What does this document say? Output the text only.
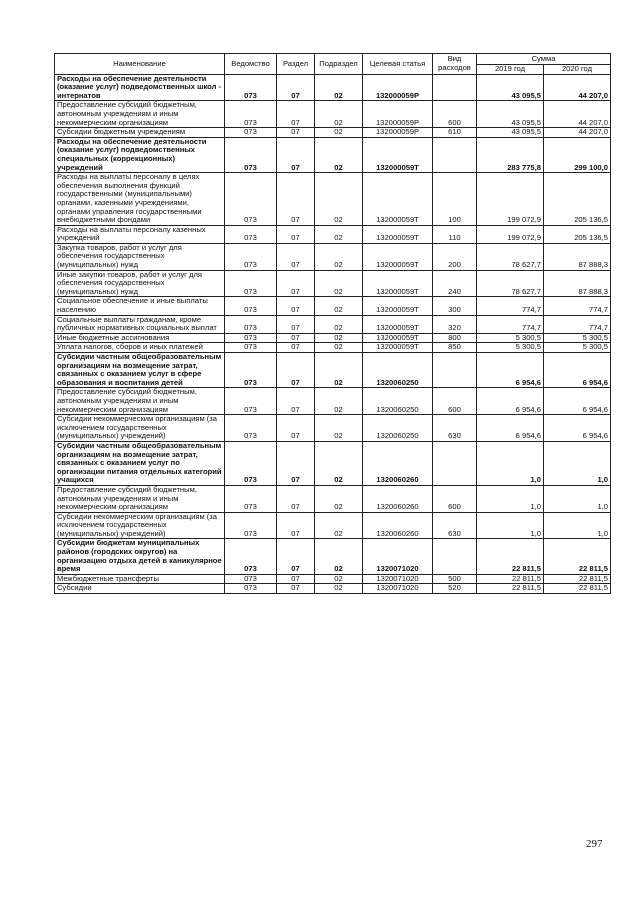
Наименование	Ведомство	Раздел	Подраздел	Целевая статья	Вид расходов	Сумма	
						2019 год	2020 год
Расходы на обеспечение деятельности (оказание услуг) подведомственных школ - интернатов	073	07	02	132000059Р		43 095,5	44 207,0
Предоставление субсидий бюджетным, автономным учреждениям и иным некоммерческим организациям	073	07	02	132000059Р	600	43 095,5	44 207,0
Субсидии бюджетным учреждениям	073	07	02	132000059Р	610	43 095,5	44 207,0
Расходы на обеспечение деятельности (оказание услуг) подведомственных специальных (коррекционных) учреждений	073	07	02	132000059Т		283 775,8	299 100,0
Расходы на выплаты персоналу в целях обеспечения выполнения функций государственными (муниципальными) органами, казенными учреждениями, органами управления государственными внебюджетными фондами	073	07	02	132000059Т	100	199 072,9	205 136,5
Расходы на выплаты персоналу казенных учреждений	073	07	02	132000059Т	110	199 072,9	205 136,5
Закупка товаров, работ и услуг для обеспечения государственных (муниципальных) нужд	073	07	02	132000059Т	200	78 627,7	87 888,3
Иные закупки товаров, работ и услуг для обеспечения государственных (муниципальных) нужд	073	07	02	132000059Т	240	78 627,7	87 888,3
Социальное обеспечение и иные выплаты населению	073	07	02	132000059Т	300	774,7	774,7
Социальные выплаты гражданам, кроме публичных нормативных социальных выплат	073	07	02	132000059Т	320	774,7	774,7
Иные бюджетные ассигнования	073	07	02	132000059Т	800	5 300,5	5 300,5
Уплата налогов, сборов и иных платежей	073	07	02	132000059Т	850	5 300,5	5 300,5
Субсидии частным общеобразовательным организациям на возмещение затрат, связанных с оказанием услуг в сфере образования и воспитания детей	073	07	02	1320060250		6 954,6	6 954,6
Предоставление субсидий бюджетным, автономным учреждениям и иным некоммерческим организациям	073	07	02	1320060250	600	6 954,6	6 954,6
Субсидии некоммерческим организациям (за исключением государственных (муниципальных) учреждений)	073	07	02	1320060250	630	6 954,6	6 954,6
Субсидии частным общеобразовательным организациям на возмещение затрат, связанных с оказанием услуг по организации питания отдельных категорий учащихся	073	07	02	1320060260		1,0	1,0
Предоставление субсидий бюджетным, автономным учреждениям и иным некоммерческим организациям	073	07	02	1320060260	600	1,0	1,0
Субсидии некоммерческим организациям (за исключением государственных (муниципальных) учреждений)	073	07	02	1320060260	630	1,0	1,0
Субсидии бюджетам муниципальных районов (городских округов) на организацию отдыха детей в каникулярное время	073	07	02	1320071020		22 811,5	22 811,5
Межбюджетные трансферты	073	07	02	1320071020	500	22 811,5	22 811,5
Субсидии	073	07	02	1320071020	520	22 811,5	22 811,5
297
